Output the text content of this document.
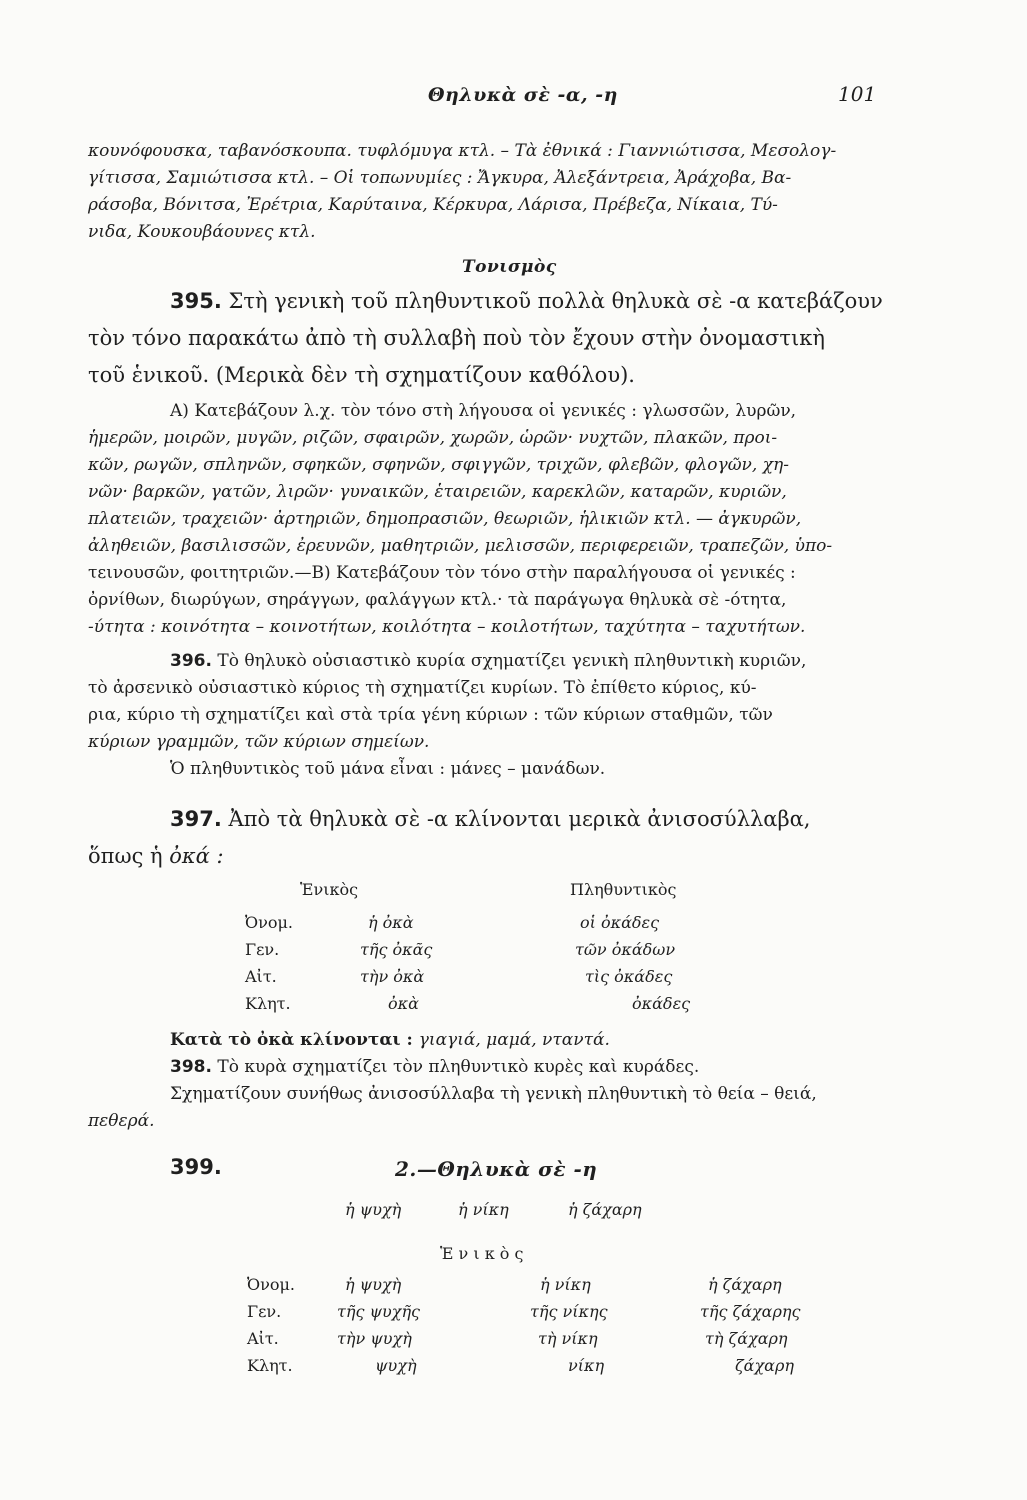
Θηλυκὰ σὲ -α, -η	101
κουνόφουσκα, ταβανόσκουπα. τυφλόμυγα κτλ. – Τὰ ἐθνικά : Γιαννιώτισσα, Μεσολογ-
γίτισσα, Σαμιώτισσα κτλ. – Οἱ τοπωνυμίες : Ἄγκυρα, Ἀλεξάντρεια, Ἀράχοβα, Βα-
ράσοβα, Βόνιτσα, Ἐρέτρια, Καρύταινα, Κέρκυρα, Λάρισα, Πρέβεζα, Νίκαια, Τύ-
νιδα, Κουκουβάουνες κτλ.
Τονισμὸς
395. Στὴ γενικὴ τοῦ πληθυντικοῦ πολλὰ θηλυκὰ σὲ -α κατεβάζουν
τὸν τόνο παρακάτω ἀπὸ τὴ συλλαβὴ ποὺ τὸν ἔχουν στὴν ὀνομαστικὴ
τοῦ ἑνικοῦ. (Μερικὰ δὲν τὴ σχηματίζουν καθόλου).
Α) Κατεβάζουν λ.χ. τὸν τόνο στὴ λήγουσα οἱ γενικές : γλωσσῶν, λυρῶν,
ἡμερῶν, μοιρῶν, μυγῶν, ριζῶν, σφαιρῶν, χωρῶν, ὡρῶν· νυχτῶν, πλακῶν, προι-
κῶν, ρωγῶν, σπληνῶν, σφηκῶν, σφηνῶν, σφιγγῶν, τριχῶν, φλεβῶν, φλογῶν, χη-
νῶν· βαρκῶν, γατῶν, λιρῶν· γυναικῶν, ἑταιρειῶν, καρεκλῶν, καταρῶν, κυριῶν,
πλατειῶν, τραχειῶν· ἀρτηριῶν, δημοπρασιῶν, θεωριῶν, ἡλικιῶν κτλ. — ἀγκυρῶν,
ἀληθειῶν, βασιλισσῶν, ἐρευνῶν, μαθητριῶν, μελισσῶν, περιφερειῶν, τραπεζῶν, ὑπο-
τεινουσῶν, φοιτητριῶν.—Β) Κατεβάζουν τὸν τόνο στὴν παραλήγουσα οἱ γενικές :
ὀρνίθων, διωρύγων, σηράγγων, φαλάγγων κτλ.· τὰ παράγωγα θηλυκὰ σὲ -ότητα,
-ύτητα : κοινότητα – κοινοτήτων, κοιλότητα – κοιλοτήτων, ταχύτητα – ταχυτήτων.
396. Τὸ θηλυκὸ οὐσιαστικὸ κυρία σχηματίζει γενικὴ πληθυντικὴ κυριῶν,
τὸ ἀρσενικὸ οὐσιαστικὸ κύριος τὴ σχηματίζει κυρίων. Τὸ ἐπίθετο κύριος, κύ-
ρια, κύριο τὴ σχηματίζει καὶ στὰ τρία γένη κύριων : τῶν κύριων σταθμῶν, τῶν
κύριων γραμμῶν, τῶν κύριων σημείων.
Ὁ πληθυντικὸς τοῦ μάνα εἶναι : μάνες – μανάδων.
397. Ἀπὸ τὰ θηλυκὰ σὲ -α κλίνονται μερικὰ ἀνισοσύλλαβα,
ὅπως ἡ ὀκά :
Ἑνικὸς	Πληθυντικὸς
Ὀνομ.	ἡ ὀκὰ	οἱ ὀκάδες
Γεν.	τῆς ὀκᾶς	τῶν ὀκάδων
Αἰτ.	τὴν ὀκὰ	τὶς ὀκάδες
Κλητ.	ὀκὰ	ὀκάδες
Κατὰ τὸ ὀκὰ κλίνονται : γιαγιά, μαμά, νταντά.
398. Τὸ κυρὰ σχηματίζει τὸν πληθυντικὸ κυρὲς καὶ κυράδες.
Σχηματίζουν συνήθως ἀνισοσύλλαβα τὴ γενικὴ πληθυντικὴ τὸ θεία – θειά,
πεθερά.
399.	2.—Θηλυκὰ σὲ -η
ἡ ψυχὴ	ἡ νίκη	ἡ ζάχαρη
Ἑ ν ι κ ὸ ς
Ὀνομ.	ἡ ψυχὴ	ἡ νίκη	ἡ ζάχαρη
Γεν.	τῆς ψυχῆς	τῆς νίκης	τῆς ζάχαρης
Αἰτ.	τὴν ψυχὴ	τὴ νίκη	τὴ ζάχαρη
Κλητ.	ψυχὴ	νίκη	ζάχαρη
